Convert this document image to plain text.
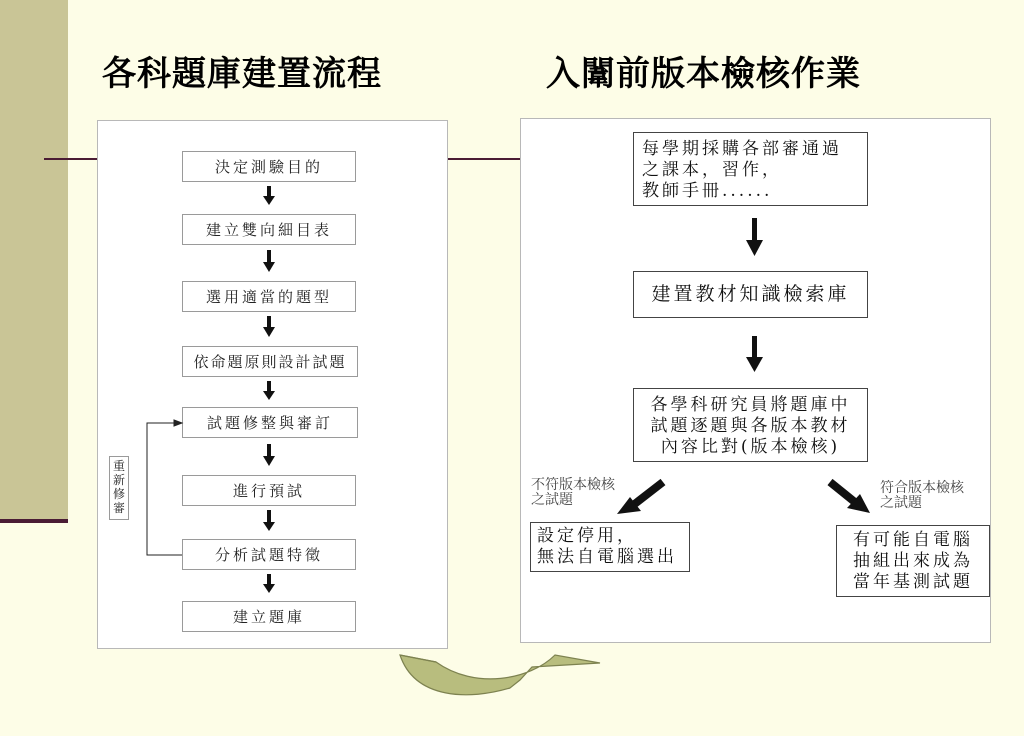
各科題庫建置流程	入闈前版本檢核作業
決定測驗目的
建立雙向細目表
選用適當的題型
依命題原則設計試題
試題修整與審訂
進行預試
分析試題特徵
建立題庫
重
新
修
審
每學期採購各部審通過
之課本，習作，
教師手冊......
建置教材知識檢索庫
各學科研究員將題庫中
試題逐題與各版本教材
內容比對(版本檢核)
不符版本檢核
之試題
符合版本檢核
之試題
設定停用，
無法自電腦選出
有可能自電腦
抽組出來成為
當年基測試題
